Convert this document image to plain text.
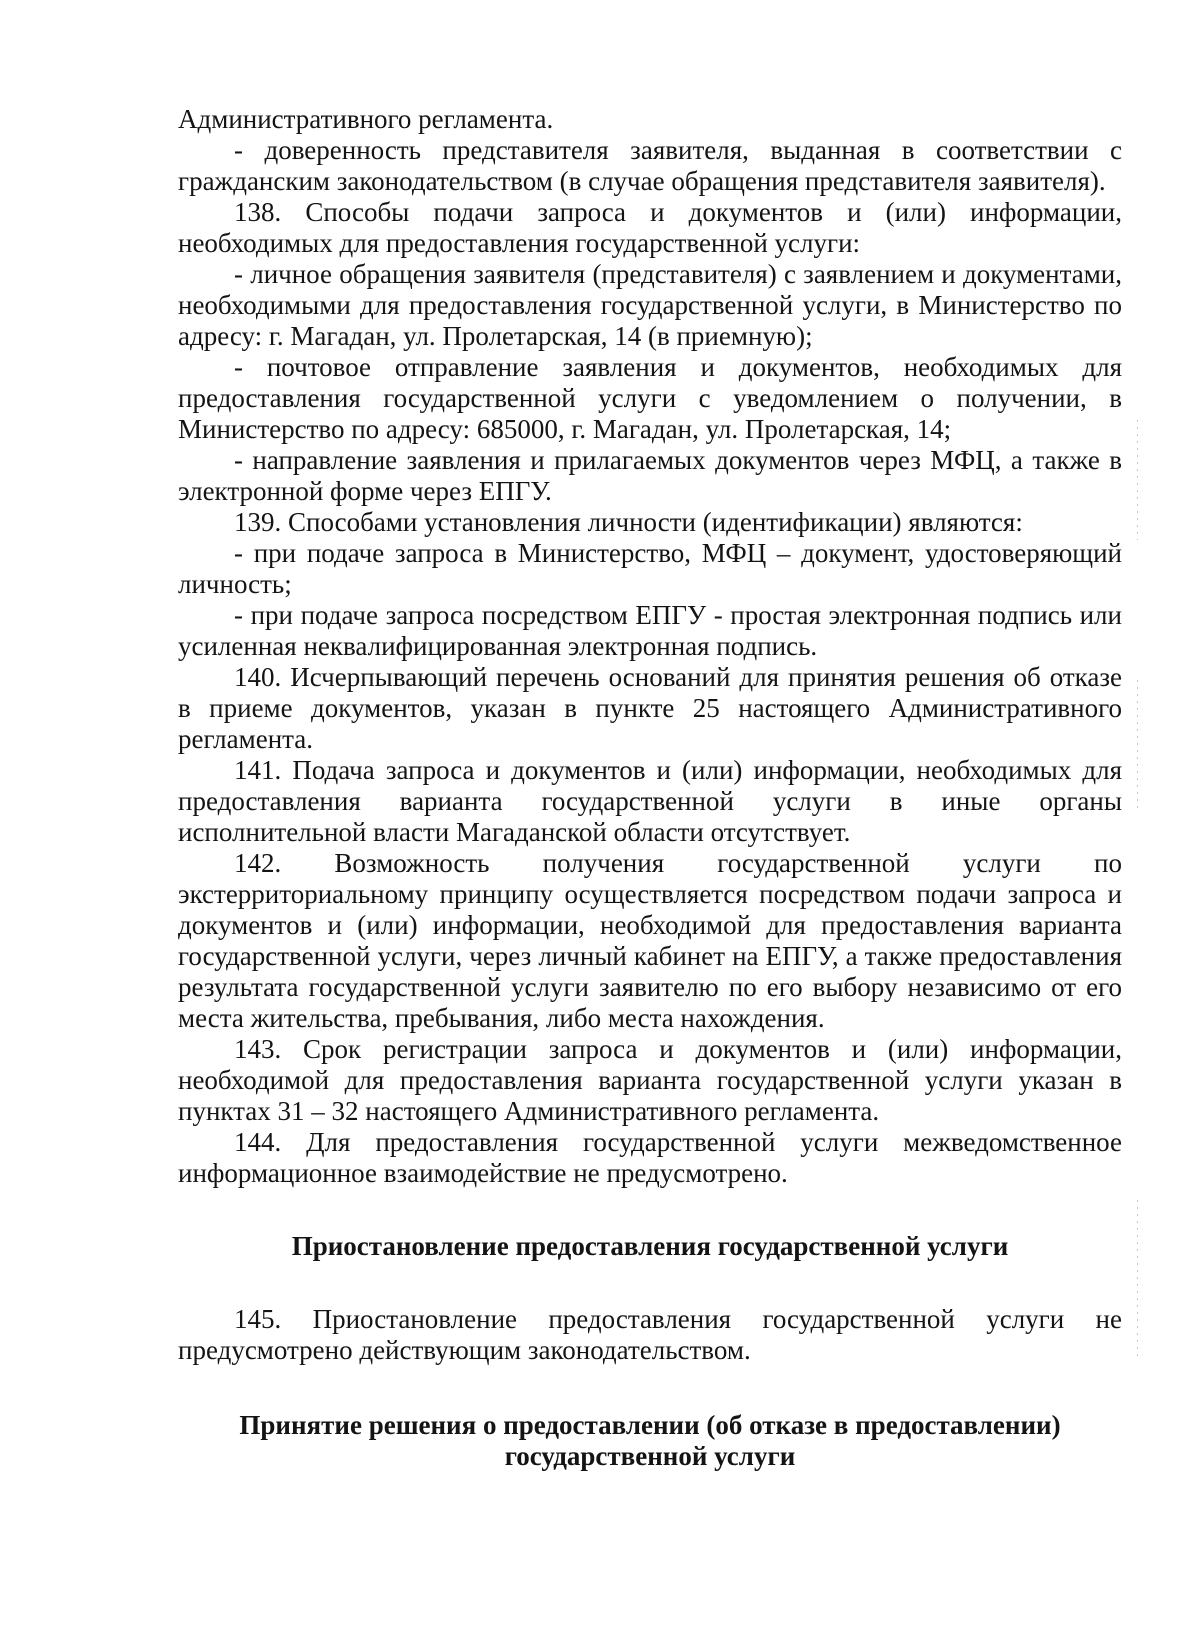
Административного регламента.

- доверенность представителя заявителя, выданная в соответствии с гражданским законодательством (в случае обращения представителя заявителя).

138. Способы подачи запроса и документов и (или) информации, необходимых для предоставления государственной услуги:

- личное обращения заявителя (представителя) с заявлением и документами, необходимыми для предоставления государственной услуги, в Министерство по адресу: г. Магадан, ул. Пролетарская, 14 (в приемную);

- почтовое отправление заявления и документов, необходимых для предоставления государственной услуги с уведомлением о получении, в Министерство по адресу: 685000, г. Магадан, ул. Пролетарская, 14;

- направление заявления и прилагаемых документов через МФЦ, а также в электронной форме через ЕПГУ.

139. Способами установления личности (идентификации) являются:

- при подаче запроса в Министерство, МФЦ – документ, удостоверяющий личность;

- при подаче запроса посредством ЕПГУ - простая электронная подпись или усиленная неквалифицированная электронная подпись.

140. Исчерпывающий перечень оснований для принятия решения об отказе в приеме документов, указан в пункте 25 настоящего Административного регламента.

141. Подача запроса и документов и (или) информации, необходимых для предоставления варианта государственной услуги в иные органы исполнительной власти Магаданской области отсутствует.

142. Возможность получения государственной услуги по экстерриториальному принципу осуществляется посредством подачи запроса и документов и (или) информации, необходимой для предоставления варианта государственной услуги, через личный кабинет на ЕПГУ, а также предоставления результата государственной услуги заявителю по его выбору независимо от его места жительства, пребывания, либо места нахождения.

143. Срок регистрации запроса и документов и (или) информации, необходимой для предоставления варианта государственной услуги указан в пунктах 31 – 32 настоящего Административного регламента.

144. Для предоставления государственной услуги межведомственное информационное взаимодействие не предусмотрено.

Приостановление предоставления государственной услуги

145. Приостановление предоставления государственной услуги не предусмотрено действующим законодательством.

Принятие решения о предоставлении (об отказе в предоставлении)
государственной услуги
